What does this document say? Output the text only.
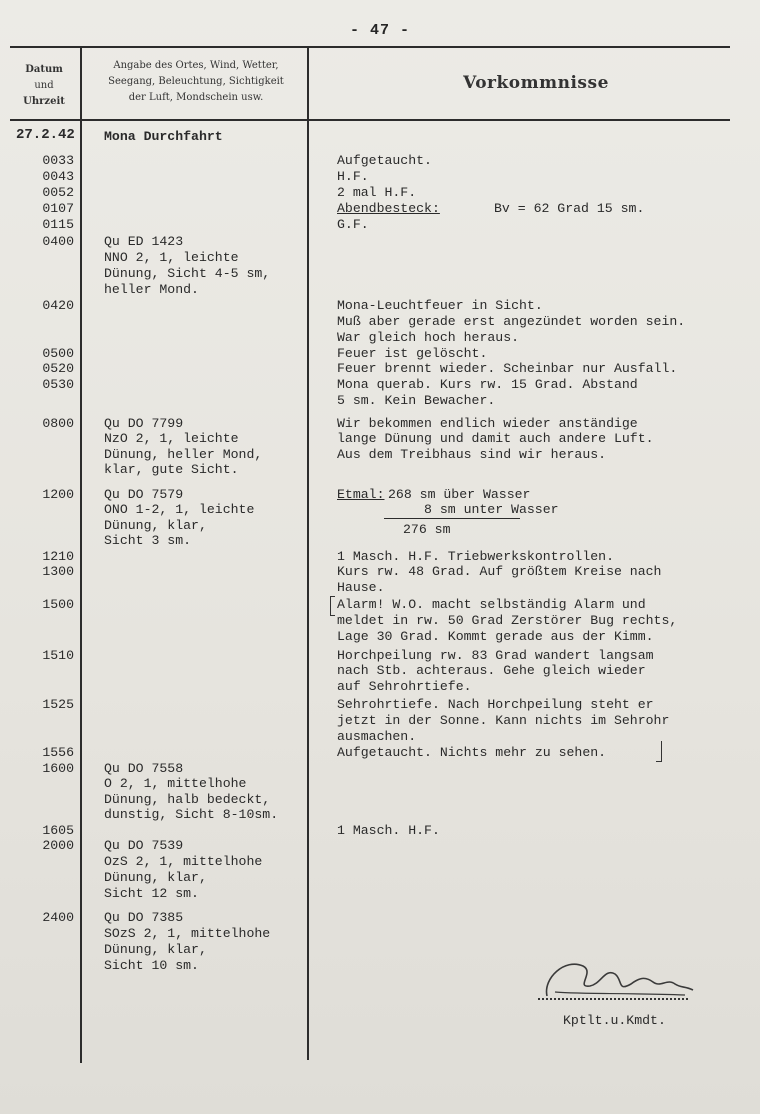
- 47 -
Datum
und
Uhrzeit
Angabe des Ortes, Wind, Wetter,
Seegang, Beleuchtung, Sichtigkeit
der Luft, Mondschein usw.
Vorkommnisse
27.2.42
0033
0043
0052
0107
0115
0400
0420
0500
0520
0530
0800
1200
1210
1300
1500
1510
1525
1556
1600
1605
2000
2400
Mona Durchfahrt
Qu ED 1423
NNO 2, 1, leichte
Dünung, Sicht 4-5 sm,
heller Mond.
Qu DO 7799
NzO 2, 1, leichte
Dünung, heller Mond,
klar, gute Sicht.
Qu DO 7579
ONO 1-2, 1, leichte
Dünung, klar,
Sicht 3 sm.
Qu DO 7558
O 2, 1, mittelhohe
Dünung, halb bedeckt,
dunstig, Sicht 8-10sm.
Qu DO 7539
OzS 2, 1, mittelhohe
Dünung, klar,
Sicht 12 sm.
Qu DO 7385
SOzS 2, 1, mittelhohe
Dünung, klar,
Sicht 10 sm.
Aufgetaucht.
H.F.
2 mal H.F.
G.F.
Mona-Leuchtfeuer in Sicht.
Muß aber gerade erst angezündet worden sein.
War gleich hoch heraus.
Feuer ist gelöscht.
Feuer brennt wieder. Scheinbar nur Ausfall.
Mona querab. Kurs rw. 15 Grad. Abstand
5 sm. Kein Bewacher.
Wir bekommen endlich wieder anständige
lange Dünung und damit auch andere Luft.
Aus dem Treibhaus sind wir heraus.
1 Masch. H.F. Triebwerkskontrollen.
Kurs rw. 48 Grad. Auf größtem Kreise nach
Hause.
Alarm! W.O. macht selbständig Alarm und
meldet in rw. 50 Grad Zerstörer Bug rechts,
Lage 30 Grad. Kommt gerade aus der Kimm.
Horchpeilung rw. 83 Grad wandert langsam
nach Stb. achteraus. Gehe gleich wieder
auf Sehrohrtiefe.
Sehrohrtiefe. Nach Horchpeilung steht er
jetzt in der Sonne. Kann nichts im Sehrohr
ausmachen.
Aufgetaucht. Nichts mehr zu sehen.
1 Masch. H.F.
Abendbesteck:	Bv = 62 Grad 15 sm.
Etmal: 268 sm über Wasser
8 sm unter Wasser
276 sm
Kptlt.u.Kmdt.
